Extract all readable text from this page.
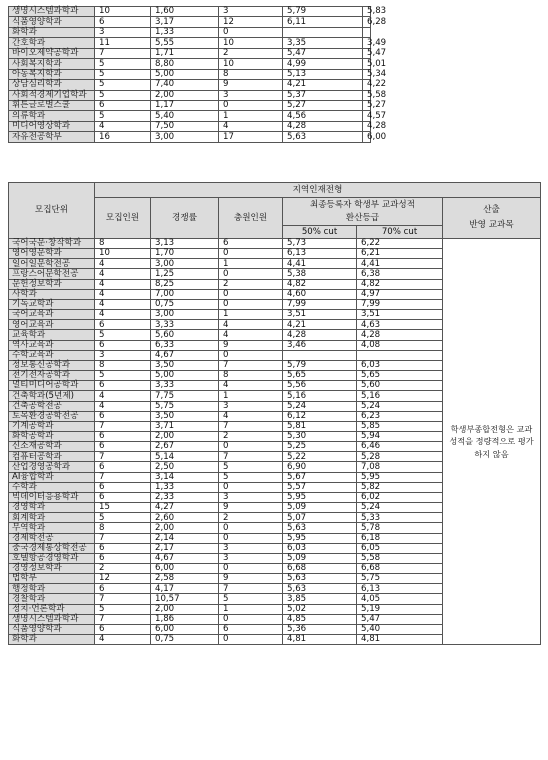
생명시스템과학과	10	1,60	3	5,79	5,83
식품영양학과	6	3,17	12	6,11	6,28
화학과	3	1,33	0		
간호학과	11	5,55	10	3,35	3,49
바이오제약공학과	7	1,71	2	5,47	5,47
사회복지학과	5	8,80	10	4,99	5,01
아동복지학과	5	5,00	8	5,13	5,34
상담심리학과	5	7,40	9	4,21	4,22
사회적경제기업학과	5	2,00	3	5,37	5,58
휘튼글로벌스쿨	6	1,17	0	5,27	5,27
의류학과	5	5,40	1	4,56	4,57
미디어영상학과	4	7,50	4	4,28	4,28
자유전공학부	16	3,00	17	5,63	6,00
모집단위	지역인재전형					
	모집인원	경쟁률	충원인원	최종등록자 학생부 교과성적		산출
반영 교과목
				환산등급		
				50% cut	70% cut	
국어국문·창작학과	8	3,13	6	5,73	6,22	학생부종합전형은 교과성적을 정량적으로 평가하지 않음
영어영문학과	10	1,70	0	6,13	6,21	
일어일문학전공	4	3,00	1	4,41	4,41	
프랑스어문학전공	4	1,25	0	5,38	6,38	
문헌정보학과	4	8,25	2	4,82	4,82	
사학과	4	7,00	0	4,60	4,97	
기독교학과	4	0,75	0	7,99	7,99	
국어교육과	4	3,00	1	3,51	3,51	
영어교육과	6	3,33	4	4,21	4,63	
교육학과	5	5,60	4	4,28	4,28	
역사교육과	6	6,33	9	3,46	4,08	
수학교육과	3	4,67	0			
정보통신공학과	8	3,50	7	5,79	6,03	
전기전자공학과	5	5,00	8	5,65	5,65	
멀티미디어공학과	6	3,33	4	5,56	5,60	
건축학과(5년제)	4	7,75	1	5,16	5,16	
건축공학전공	4	5,75	3	5,24	5,24	
토목환경공학전공	6	3,50	4	6,12	6,23	
기계공학과	7	3,71	7	5,81	5,85	
화학공학과	6	2,00	2	5,30	5,94	
신소재공학과	6	2,67	0	5,25	6,46	
컴퓨터공학과	7	5,14	7	5,22	5,28	
산업경영공학과	6	2,50	5	6,90	7,08	
AI융합학과	7	3,14	5	5,67	5,95	
수학과	6	1,33	0	5,57	5,82	
빅데이터응용학과	6	2,33	3	5,95	6,02	
경영학과	15	4,27	9	5,09	5,24	
회계학과	5	2,60	2	5,07	5,33	
무역학과	8	2,00	0	5,63	5,78	
경제학전공	7	2,14	0	5,95	6,18	
중국경제통상학전공	6	2,17	3	6,03	6,05	
호텔항공경영학과	6	4,67	3	5,09	5,58	
경영정보학과	2	6,00	0	6,68	6,68	
법학부	12	2,58	9	5,63	5,75	
행정학과	6	4,17	7	5,63	6,13	
경찰학과	7	10,57	5	3,85	4,05	
정치·언론학과	5	2,00	1	5,02	5,19	
생명시스템과학과	7	1,86	0	4,85	5,47	
식품영양학과	6	6,00	6	5,36	5,40	
화학과	4	0,75	0	4,81	4,81	
